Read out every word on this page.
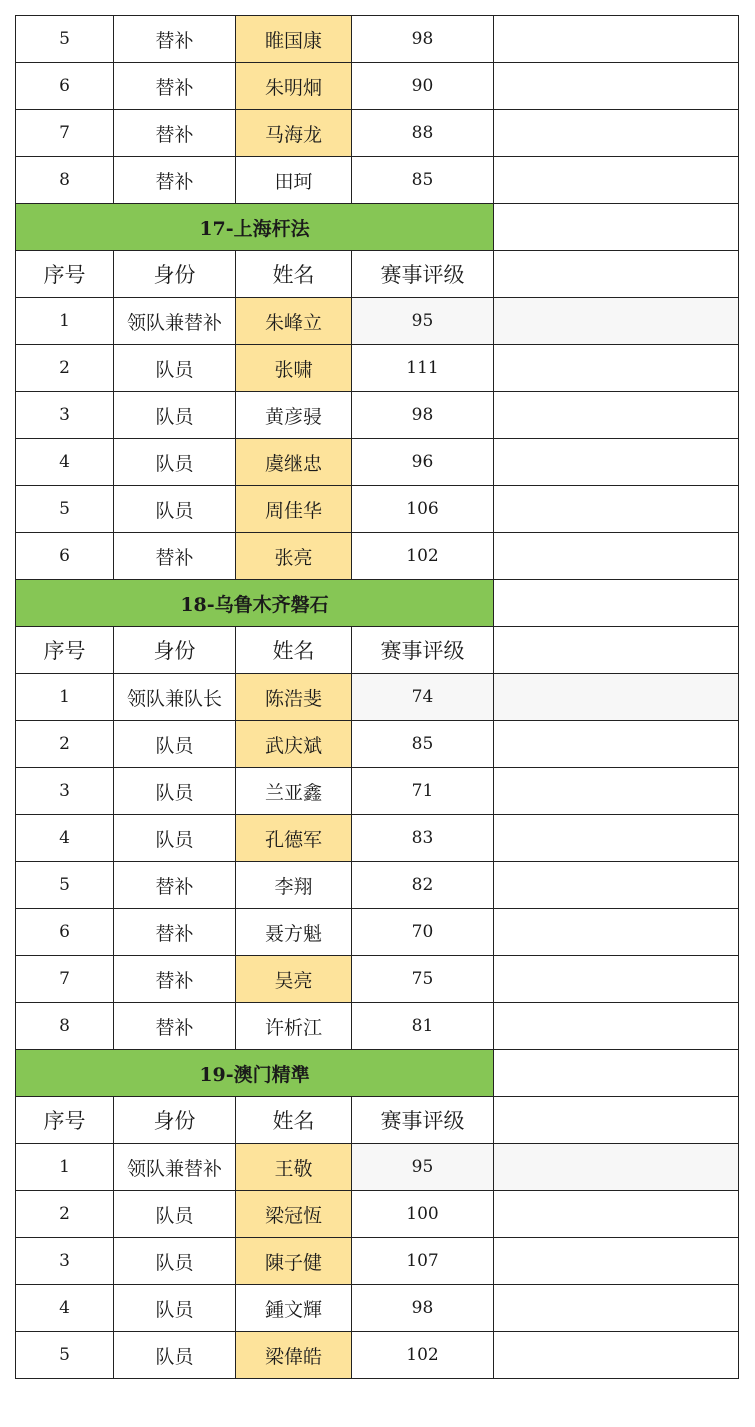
5	替补	睢国康	98	
6	替补	朱明炯	90	
7	替补	马海龙	88	
8	替补	田珂	85	
17-上海杆法				
序号	身份	姓名	赛事评级	
1	领队兼替补	朱峰立	95	
2	队员	张啸	111	
3	队员	黄彦骎	98	
4	队员	虞继忠	96	
5	队员	周佳华	106	
6	替补	张亮	102	
18-乌鲁木齐磐石				
序号	身份	姓名	赛事评级	
1	领队兼队长	陈浩斐	74	
2	队员	武庆斌	85	
3	队员	兰亚鑫	71	
4	队员	孔德军	83	
5	替补	李翔	82	
6	替补	聂方魁	70	
7	替补	吴亮	75	
8	替补	许析江	81	
19-澳门精準				
序号	身份	姓名	赛事评级	
1	领队兼替补	王敬	95	
2	队员	梁冠恆	100	
3	队员	陳子健	107	
4	队员	鍾文輝	98	
5	队员	梁偉皓	102	
